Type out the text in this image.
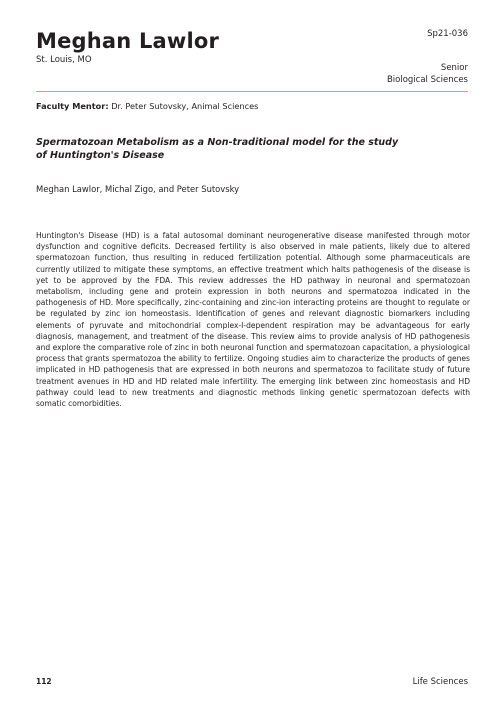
Meghan Lawlor
St. Louis, MO
Sp21-036
Senior
Biological Sciences
Faculty Mentor: Dr. Peter Sutovsky, Animal Sciences
Spermatozoan Metabolism as a Non-traditional model for the study
of Huntington's Disease
Meghan Lawlor, Michal Zigo, and Peter Sutovsky

Huntington's Disease (HD) is a fatal autosomal dominant neurogenerative disease manifested through motor dysfunction and cognitive deficits. Decreased fertility is also observed in male patients, likely due to altered spermatozoan function, thus resulting in reduced fertilization potential. Although some pharmaceuticals are currently utilized to mitigate these symptoms, an effective treatment which halts pathogenesis of the disease is yet to be approved by the FDA. This review addresses the HD pathway in neuronal and spermatozoan metabolism, including gene and protein expression in both neurons and spermatozoa indicated in the pathogenesis of HD. More specifically, zinc-containing and zinc-ion interacting proteins are thought to regulate or be regulated by zinc ion homeostasis. Identification of genes and relevant diagnostic biomarkers including elements of pyruvate and mitochondrial complex-I-dependent respiration may be advantageous for early diagnosis, management, and treatment of the disease. This review aims to provide analysis of HD pathogenesis and explore the comparative role of zinc in both neuronal function and spermatozoan capacitation, a physiological process that grants spermatozoa the ability to fertilize. Ongoing studies aim to characterize the products of genes implicated in HD pathogenesis that are expressed in both neurons and spermatozoa to facilitate study of future treatment avenues in HD and HD related male infertility. The emerging link between zinc homeostasis and HD pathway could lead to new treatments and diagnostic methods linking genetic spermatozoan defects with somatic comorbidities.

112	Life Sciences
